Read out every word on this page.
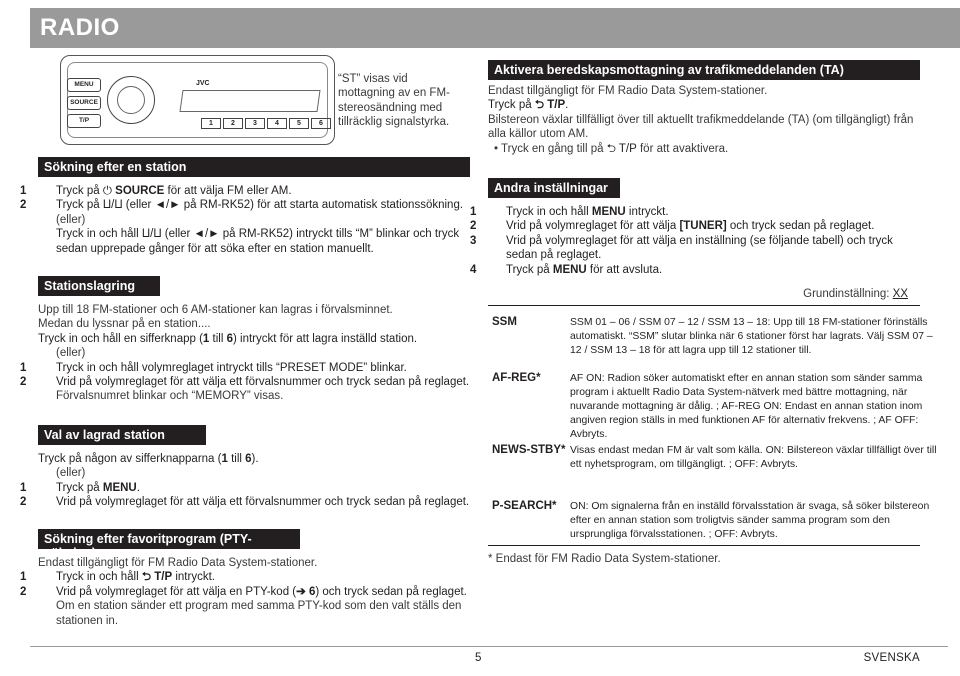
RADIO
MENU
SOURCE
T/P
JVC
1	2	3	4	5	6
“ST” visas vid mottagning av en FM-stereosändning med tillräcklig signalstyrka.
Sökning efter en station
1	Tryck på ⏻ SOURCE för att välja FM eller AM.
2	Tryck på ⨿/⨿ (eller ◄/► på RM-RK52) för att starta automatisk stationssökning.
(eller)
Tryck in och håll ⨿/⨿ (eller ◄/► på RM-RK52) intryckt tills “M” blinkar och tryck sedan upprepade gånger för att söka efter en station manuellt.
Stationslagring
Upp till 18 FM-stationer och 6 AM-stationer kan lagras i förvalsminnet.
Medan du lyssnar på en station....
Tryck in och håll en sifferknapp (1 till 6) intryckt för att lagra inställd station.
(eller)
1	Tryck in och håll volymreglaget intryckt tills “PRESET MODE” blinkar.
2	Vrid på volymreglaget för att välja ett förvalsnummer och tryck sedan på reglaget.
Förvalsnumret blinkar och “MEMORY” visas.
Val av lagrad station
Tryck på någon av sifferknapparna (1 till 6).
(eller)
1	Tryck på MENU.
2	Vrid på volymreglaget för att välja ett förvalsnummer och tryck sedan på reglaget.
Sökning efter favoritprogram (PTY-sökning)
Endast tillgängligt för FM Radio Data System-stationer.
1	Tryck in och håll ⮌ T/P intryckt.
2	Vrid på volymreglaget för att välja en PTY-kod (➔ 6) och tryck sedan på reglaget.
Om en station sänder ett program med samma PTY-kod som den valt ställs den stationen in.
Aktivera beredskapsmottagning av trafikmeddelanden (TA)
Endast tillgängligt för FM Radio Data System-stationer.
Tryck på ⮌ T/P.
Bilstereon växlar tillfälligt över till aktuellt trafikmeddelande (TA) (om tillgängligt) från alla källor utom AM.
• Tryck en gång till på ⮌ T/P för att avaktivera.
Andra inställningar
1	Tryck in och håll MENU intryckt.
2	Vrid på volymreglaget för att välja [TUNER] och tryck sedan på reglaget.
3	Vrid på volymreglaget för att välja en inställning (se följande tabell) och tryck sedan på reglaget.
4	Tryck på MENU för att avsluta.
Grundinställning: XX
SSM	SSM 01 – 06 / SSM 07 – 12 / SSM 13 – 18: Upp till 18 FM-stationer förinställs automatiskt. “SSM” slutar blinka när 6 stationer först har lagrats. Välj SSM 07 – 12 / SSM 13 – 18 för att lagra upp till 12 stationer till.
AF-REG*	AF ON: Radion söker automatiskt efter en annan station som sänder samma program i aktuellt Radio Data System-nätverk med bättre mottagning, när nuvarande mottagning är dålig. ; AF-REG ON: Endast en annan station inom angiven region ställs in med funktionen AF för alternativ frekvens. ; AF OFF: Avbryts.
NEWS-STBY* Visas endast medan FM är valt som källa. ON: Bilstereon växlar tillfälligt över till ett nyhetsprogram, om tillgängligt. ; OFF: Avbryts.
P-SEARCH* ON: Om signalerna från en inställd förvalsstation är svaga, så söker bilstereon efter en annan station som troligtvis sänder samma program som den ursprungliga förvalsstationen. ; OFF: Avbryts.
* Endast för FM Radio Data System-stationer.
5	SVENSKA
